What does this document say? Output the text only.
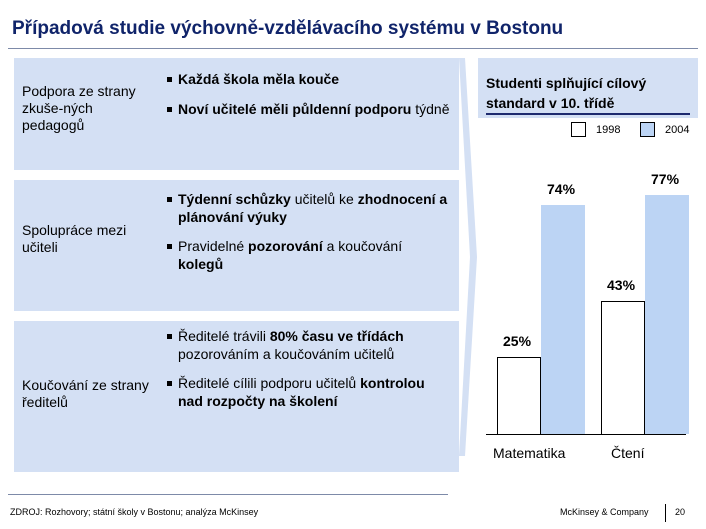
Případová studie výchovně-vzdělávacího systému v Bostonu
Podpora ze strany zkuše-ných pedagogů
Každá škola měla kouče
Noví učitelé měli půldenní podporu týdně
Spolupráce mezi učiteli
Týdenní schůzky učitelů ke zhodnocení a plánování výuky
Pravidelné pozorování a koučování kolegů
Koučování ze strany ředitelů
Ředitelé trávili 80% času ve třídách pozorováním a koučováním učitelů
Ředitelé cílili podporu učitelů kontrolou nad rozpočty na školení
Studenti splňující cílový standard v 10. třídě
1998	2004
Matematika	Čtení
ZDROJ: Rozhovory; státní školy v Bostonu; analýza McKinsey	McKinsey & Company	20
25%
43%
74%
77%
